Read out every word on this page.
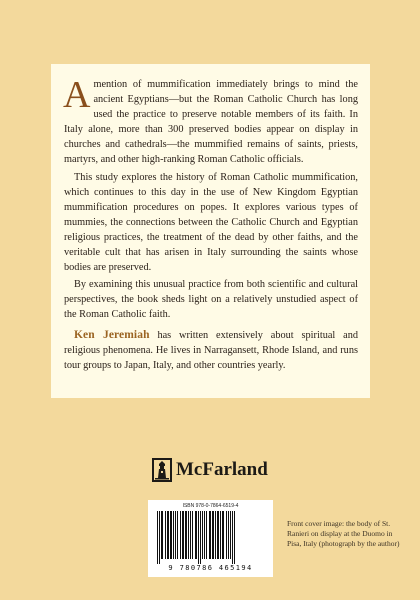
Amention of mummification immediately brings to mind the ancient Egyptians—but the Roman Catholic Church has long used the practice to preserve notable members of its faith. In Italy alone, more than 300 preserved bodies appear on display in churches and cathedrals—the mummified remains of saints, priests, martyrs, and other high-ranking Roman Catholic officials.

This study explores the history of Roman Catholic mummification, which continues to this day in the use of New Kingdom Egyptian mummification procedures on popes. It explores various types of mummies, the connections between the Catholic Church and Egyptian religious practices, the treatment of the dead by other faiths, and the veritable cult that has arisen in Italy surrounding the saints whose bodies are preserved.

By examining this unusual practice from both scientific and cultural perspectives, the book sheds light on a relatively unstudied aspect of the Roman Catholic faith.

Ken Jeremiah has written extensively about spiritual and religious phenomena. He lives in Narragansett, Rhode Island, and runs tour groups to Japan, Italy, and other countries yearly.

McFarland
ISBN 978-0-7864-6519-4
9 780786 465194
Front cover image: the body of St. Ranieri on display at the Duomo in Pisa, Italy (photograph by the author)
